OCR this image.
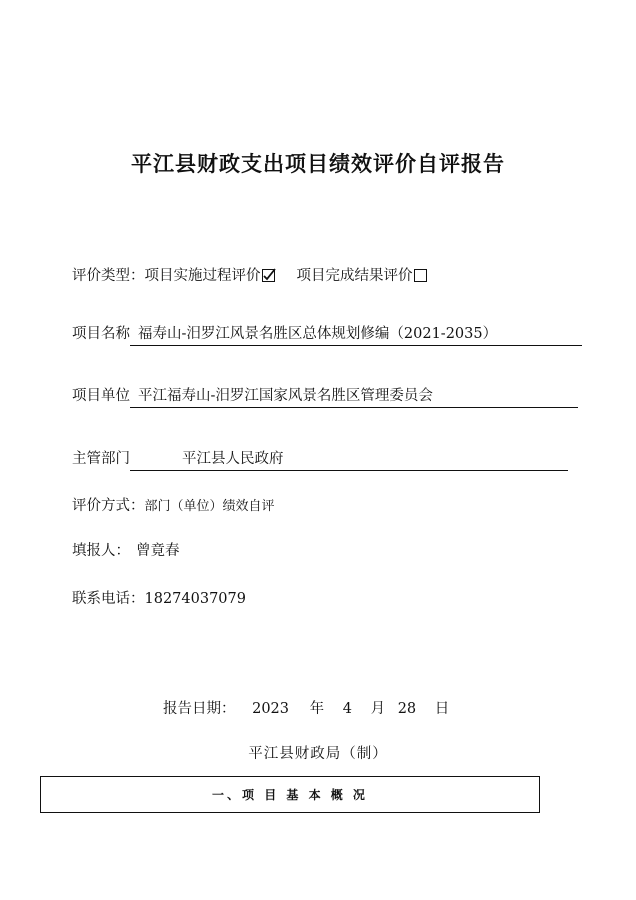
平江县财政支出项目绩效评价自评报告
评价类型：项目实施过程评价 项目完成结果评价
项目名称 福寿山-汨罗江风景名胜区总体规划修编（2021-2035）
项目单位 平江福寿山-汨罗江国家风景名胜区管理委员会
主管部门	平江县人民政府
评价方式：部门（单位）绩效自评
填报人： 曾竟春
联系电话：18274037079
报告日期： 2023 年 4 月 28 日
平江县财政局（制）
一、项 目 基 本 概 况
